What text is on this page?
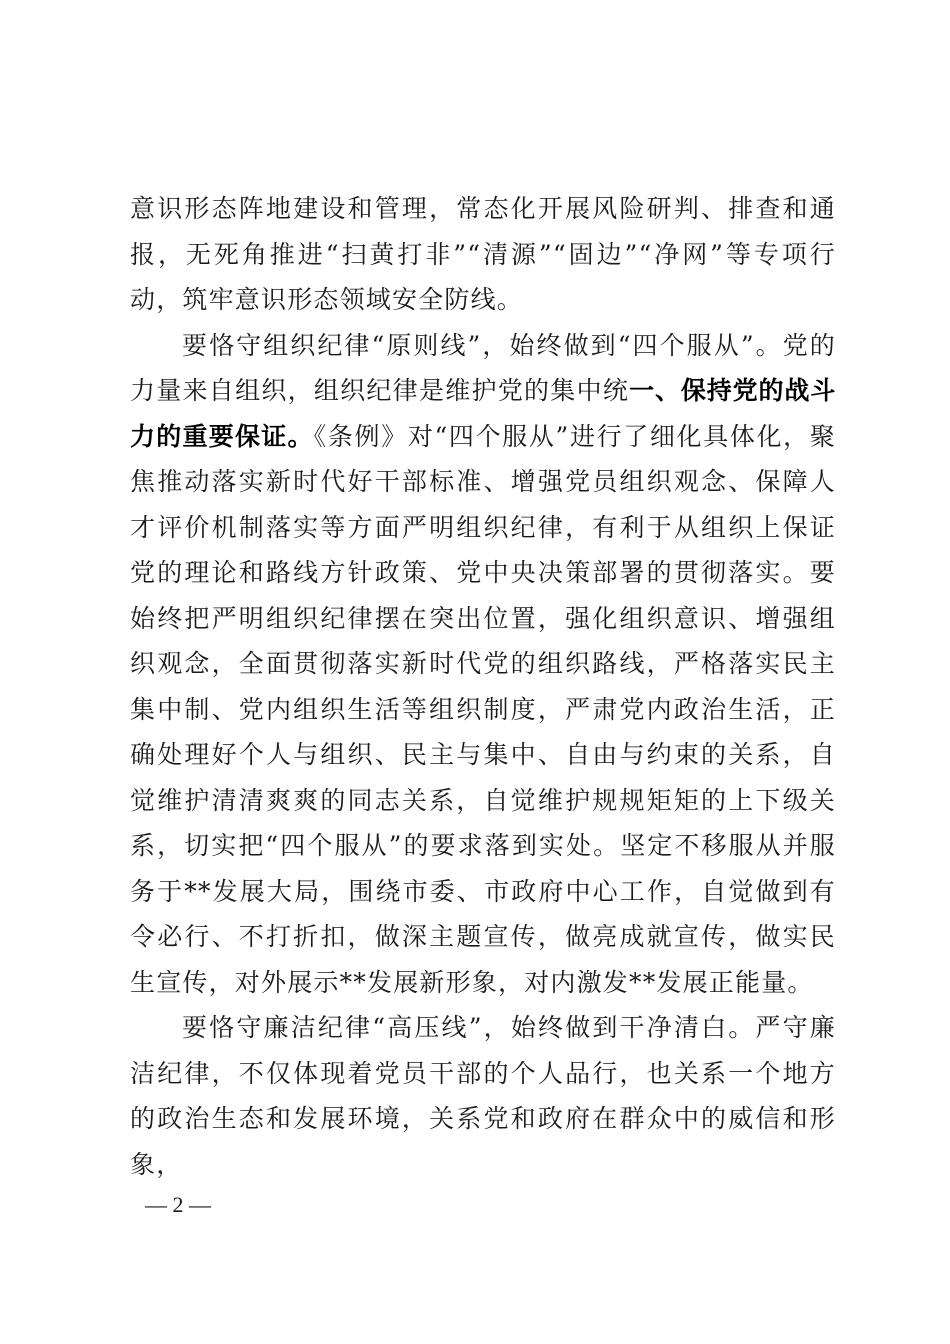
意识形态阵地建设和管理，常态化开展风险研判、排查和通报，无死角推进“扫黄打非”“清源”“固边”“净网”等专项行动，筑牢意识形态领域安全防线。

要恪守组织纪律“原则线”，始终做到“四个服从”。党的力量来自组织，组织纪律是维护党的集中统一、保持党的战斗力的重要保证。《条例》对“四个服从”进行了细化具体化，聚焦推动落实新时代好干部标准、增强党员组织观念、保障人才评价机制落实等方面严明组织纪律，有利于从组织上保证党的理论和路线方针政策、党中央决策部署的贯彻落实。要始终把严明组织纪律摆在突出位置，强化组织意识、增强组织观念，全面贯彻落实新时代党的组织路线，严格落实民主集中制、党内组织生活等组织制度，严肃党内政治生活，正确处理好个人与组织、民主与集中、自由与约束的关系，自觉维护清清爽爽的同志关系，自觉维护规规矩矩的上下级关系，切实把“四个服从”的要求落到实处。坚定不移服从并服务于**发展大局，围绕市委、市政府中心工作，自觉做到有令必行、不打折扣，做深主题宣传，做亮成就宣传，做实民生宣传，对外展示**发展新形象，对内激发**发展正能量。

要恪守廉洁纪律“高压线”，始终做到干净清白。严守廉洁纪律，不仅体现着党员干部的个人品行，也关系一个地方的政治生态和发展环境，关系党和政府在群众中的威信和形象，

— 2 —
